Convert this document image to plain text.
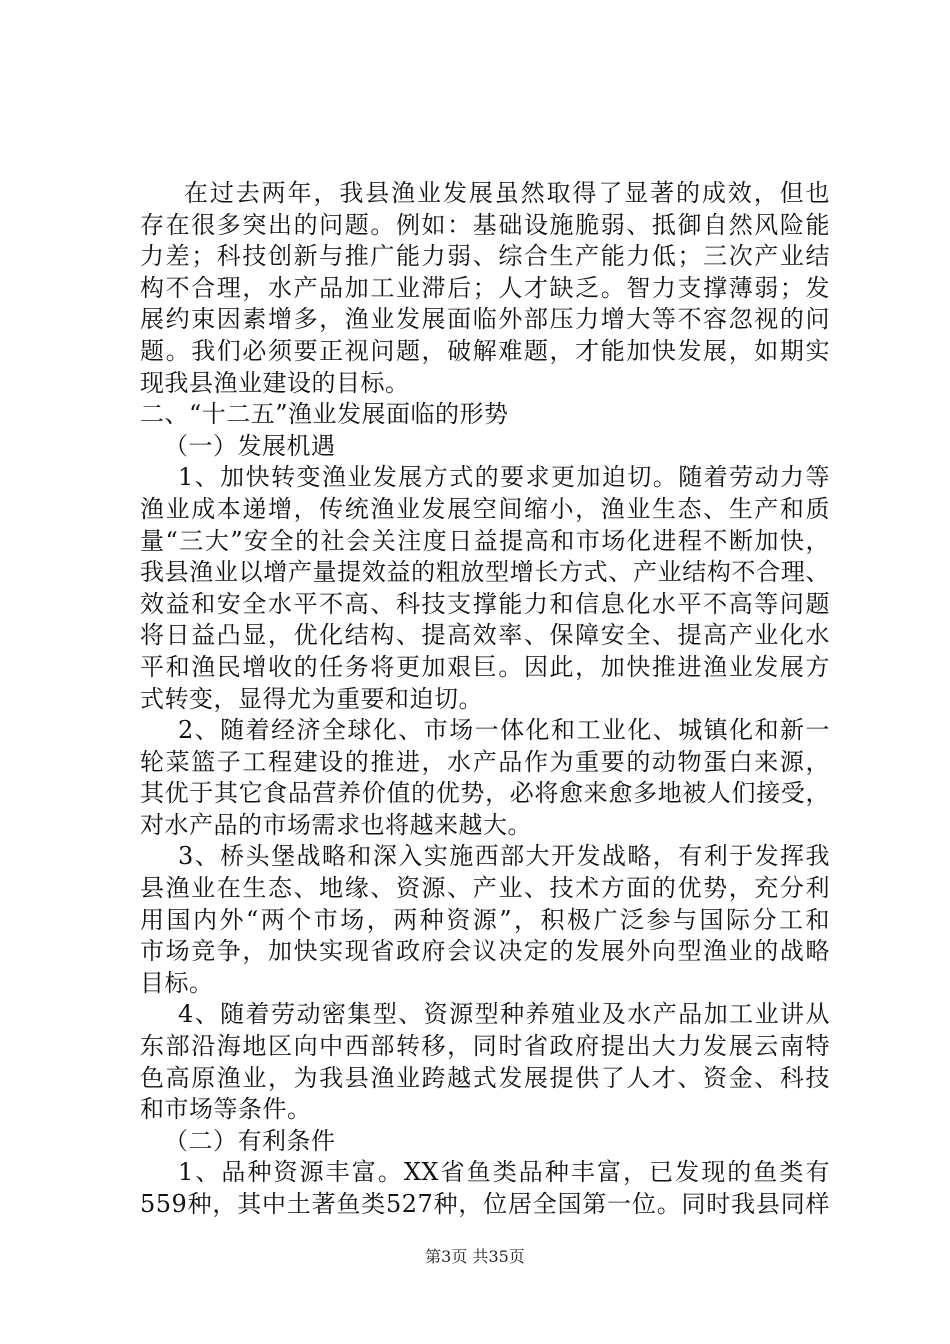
在过去两年，我县渔业发展虽然取得了显著的成效，但也
存在很多突出的问题。例如：基础设施脆弱、抵御自然风险能
力差；科技创新与推广能力弱、综合生产能力低；三次产业结
构不合理，水产品加工业滞后；人才缺乏。智力支撑薄弱；发
展约束因素增多，渔业发展面临外部压力增大等不容忽视的问
题。我们必须要正视问题，破解难题，才能加快发展，如期实
现我县渔业建设的目标。
二、“十二五”渔业发展面临的形势
（一）发展机遇
1、加快转变渔业发展方式的要求更加迫切。随着劳动力等
渔业成本递增，传统渔业发展空间缩小，渔业生态、生产和质
量“三大”安全的社会关注度日益提高和市场化进程不断加快，
我县渔业以增产量提效益的粗放型增长方式、产业结构不合理、
效益和安全水平不高、科技支撑能力和信息化水平不高等问题
将日益凸显，优化结构、提高效率、保障安全、提高产业化水
平和渔民增收的任务将更加艰巨。因此，加快推进渔业发展方
式转变，显得尤为重要和迫切。
2、随着经济全球化、市场一体化和工业化、城镇化和新一
轮菜篮子工程建设的推进，水产品作为重要的动物蛋白来源，
其优于其它食品营养价值的优势，必将愈来愈多地被人们接受，
对水产品的市场需求也将越来越大。
3、桥头堡战略和深入实施西部大开发战略，有利于发挥我
县渔业在生态、地缘、资源、产业、技术方面的优势，充分利
用国内外“两个市场，两种资源”，积极广泛参与国际分工和
市场竞争，加快实现省政府会议决定的发展外向型渔业的战略
目标。
4、随着劳动密集型、资源型种养殖业及水产品加工业讲从
东部沿海地区向中西部转移，同时省政府提出大力发展云南特
色高原渔业，为我县渔业跨越式发展提供了人才、资金、科技
和市场等条件。
（二）有利条件
1、品种资源丰富。XX省鱼类品种丰富，已发现的鱼类有
559种，其中土著鱼类527种，位居全国第一位。同时我县同样
第3页 共35页
